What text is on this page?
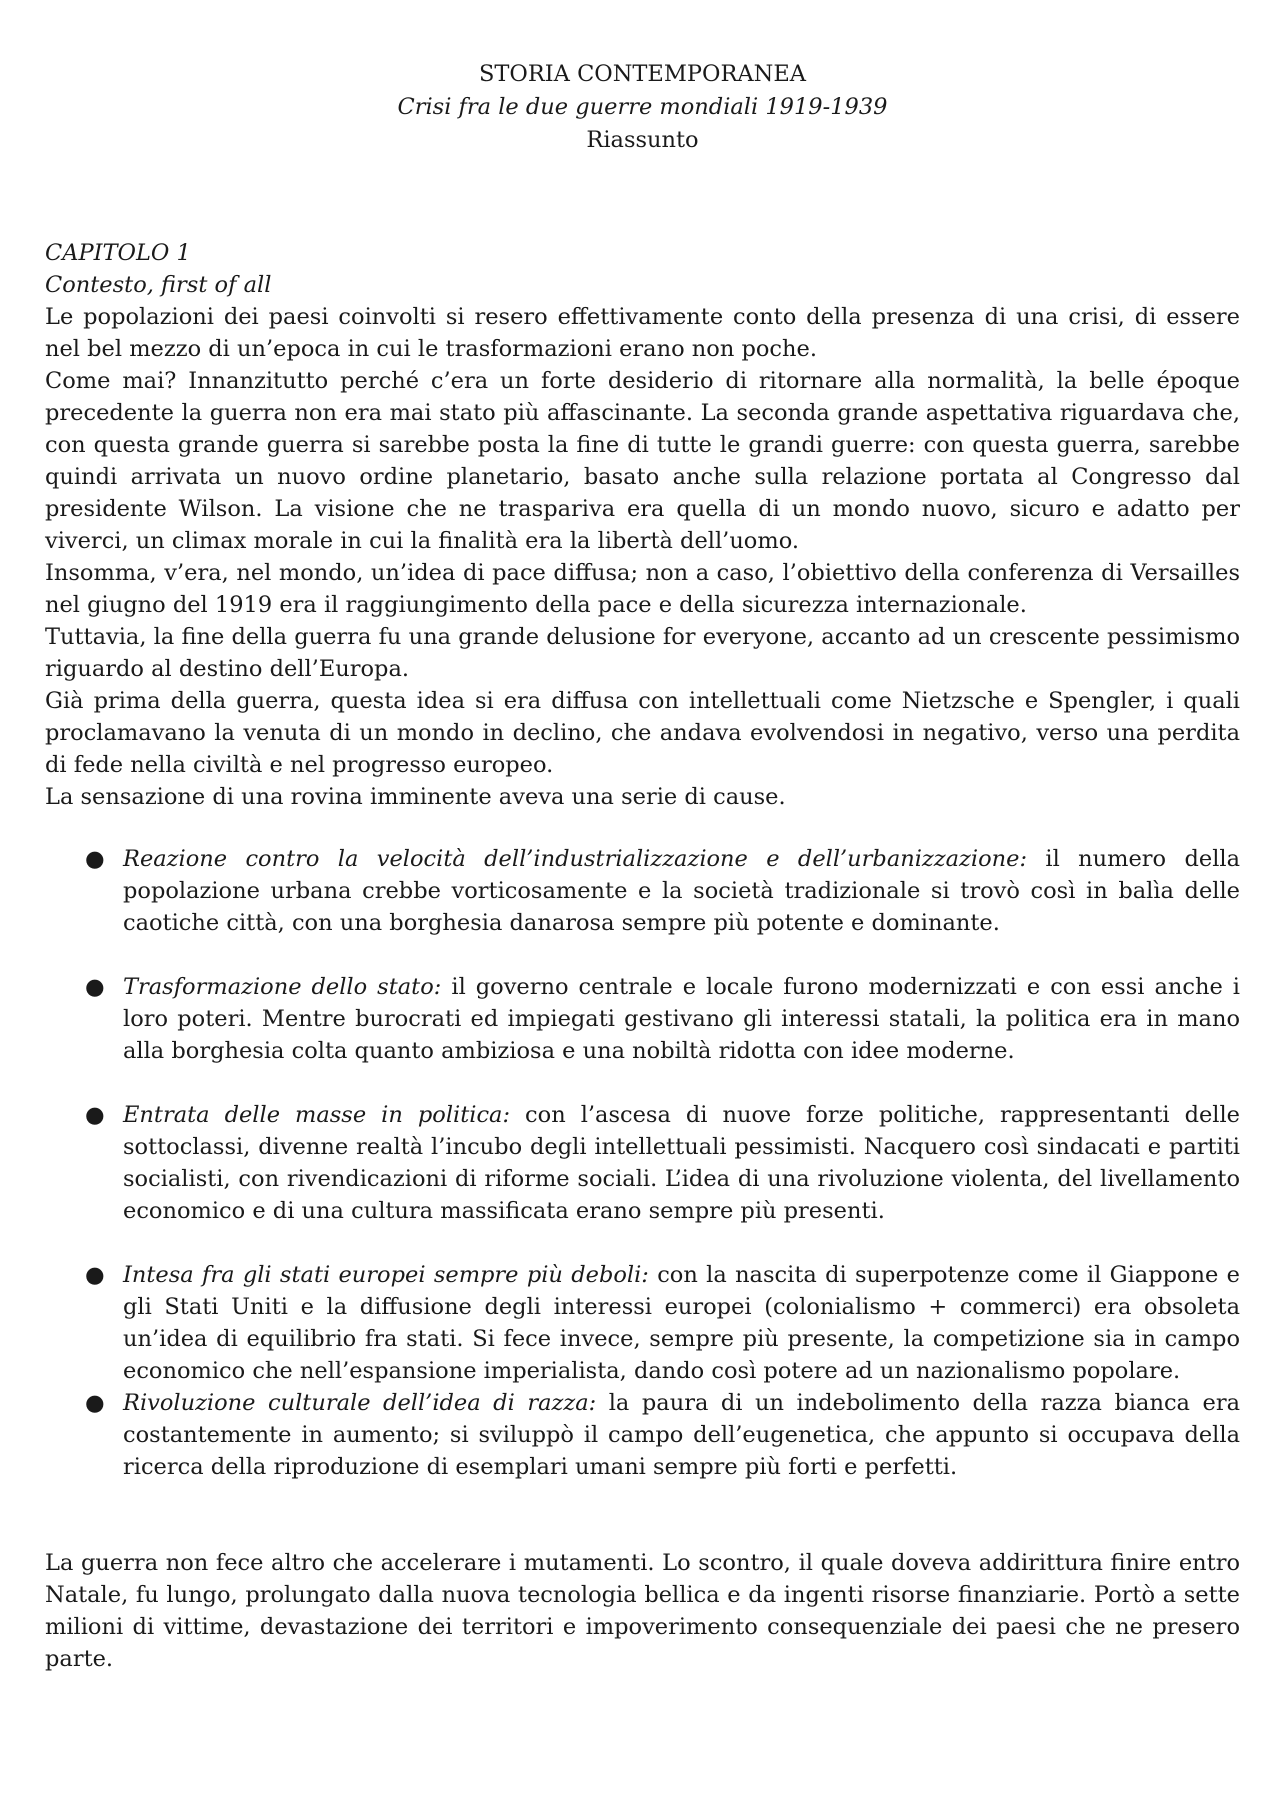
STORIA CONTEMPORANEA
Crisi fra le due guerre mondiali 1919-1939
Riassunto
CAPITOLO 1
Contesto, first of all

Le popolazioni dei paesi coinvolti si resero effettivamente conto della presenza di una crisi, di essere nel bel mezzo di un’epoca in cui le trasformazioni erano non poche.

Come mai? Innanzitutto perché c’era un forte desiderio di ritornare alla normalità, la belle époque precedente la guerra non era mai stato più affascinante. La seconda grande aspettativa riguardava che, con questa grande guerra si sarebbe posta la fine di tutte le grandi guerre: con questa guerra, sarebbe quindi arrivata un nuovo ordine planetario, basato anche sulla relazione portata al Congresso dal presidente Wilson. La visione che ne traspariva era quella di un mondo nuovo, sicuro e adatto per viverci, un climax morale in cui la finalità era la libertà dell’uomo.

Insomma, v’era, nel mondo, un’idea di pace diffusa; non a caso, l’obiettivo della conferenza di Versailles nel giugno del 1919 era il raggiungimento della pace e della sicurezza internazionale.

Tuttavia, la fine della guerra fu una grande delusione for everyone, accanto ad un crescente pessimismo riguardo al destino dell’Europa.

Già prima della guerra, questa idea si era diffusa con intellettuali come Nietzsche e Spengler, i quali proclamavano la venuta di un mondo in declino, che andava evolvendosi in negativo, verso una perdita di fede nella civiltà e nel progresso europeo.

La sensazione di una rovina imminente aveva una serie di cause.

● Reazione contro la velocità dell’industrializzazione e dell’urbanizzazione: il numero della popolazione urbana crebbe vorticosamente e la società tradizionale si trovò così in balìa delle caotiche città, con una borghesia danarosa sempre più potente e dominante.
● Trasformazione dello stato: il governo centrale e locale furono modernizzati e con essi anche i loro poteri. Mentre burocrati ed impiegati gestivano gli interessi statali, la politica era in mano alla borghesia colta quanto ambiziosa e una nobiltà ridotta con idee moderne.
● Entrata delle masse in politica: con l’ascesa di nuove forze politiche, rappresentanti delle sottoclassi, divenne realtà l’incubo degli intellettuali pessimisti. Nacquero così sindacati e partiti socialisti, con rivendicazioni di riforme sociali. L’idea di una rivoluzione violenta, del livellamento economico e di una cultura massificata erano sempre più presenti.
● Intesa fra gli stati europei sempre più deboli: con la nascita di superpotenze come il Giappone e gli Stati Uniti e la diffusione degli interessi europei (colonialismo + commerci) era obsoleta un’idea di equilibrio fra stati. Si fece invece, sempre più presente, la competizione sia in campo economico che nell’espansione imperialista, dando così potere ad un nazionalismo popolare.
● Rivoluzione culturale dell’idea di razza: la paura di un indebolimento della razza bianca era costantemente in aumento; si sviluppò il campo dell’eugenetica, che appunto si occupava della ricerca della riproduzione di esemplari umani sempre più forti e perfetti.

La guerra non fece altro che accelerare i mutamenti. Lo scontro, il quale doveva addirittura finire entro Natale, fu lungo, prolungato dalla nuova tecnologia bellica e da ingenti risorse finanziarie. Portò a sette milioni di vittime, devastazione dei territori e impoverimento consequenziale dei paesi che ne presero parte.
